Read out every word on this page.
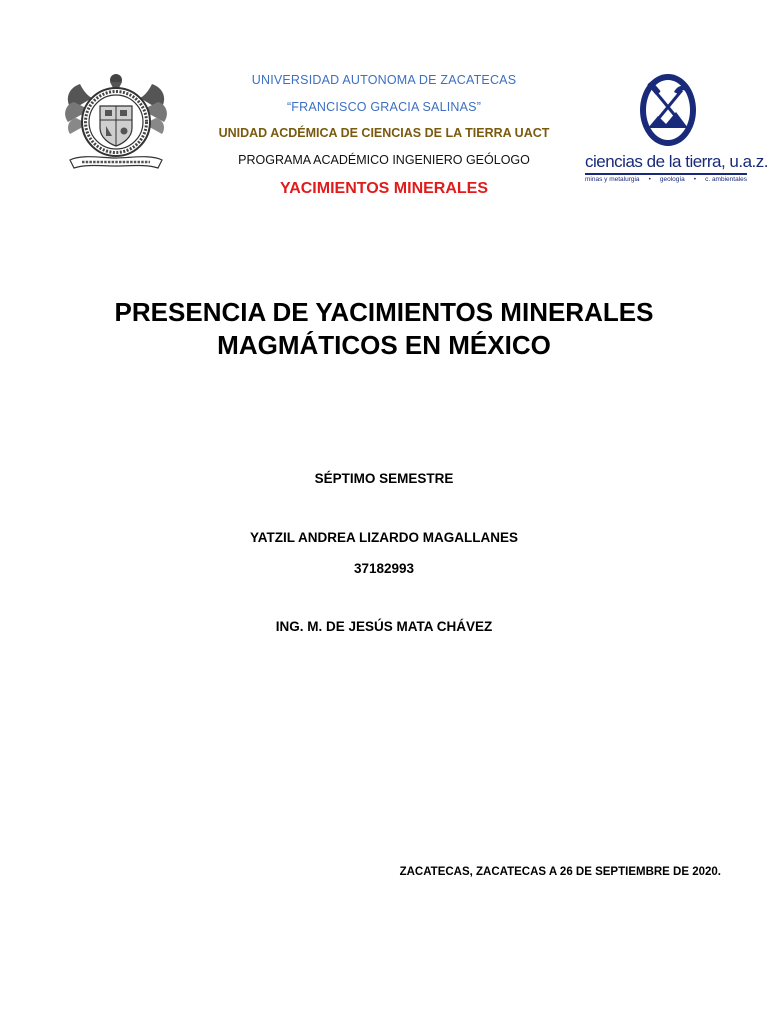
UNIVERSIDAD AUTONOMA DE ZACATECAS
“FRANCISCO GRACIA SALINAS”
UNIDAD ACDÉMICA DE CIENCIAS DE LA TIERRA UACT
PROGRAMA ACADÉMICO INGENIERO GEÓLOGO
YACIMIENTOS MINERALES
ciencias de la tierra, u.a.z.
minas y metalurgia	•	geología	•	c. ambientales
PRESENCIA DE YACIMIENTOS MINERALES
MAGMÁTICOS EN MÉXICO
SÉPTIMO SEMESTRE
YATZIL ANDREA LIZARDO MAGALLANES
37182993
ING. M. DE JESÚS MATA CHÁVEZ
ZACATECAS, ZACATECAS A 26 DE SEPTIEMBRE DE 2020.
